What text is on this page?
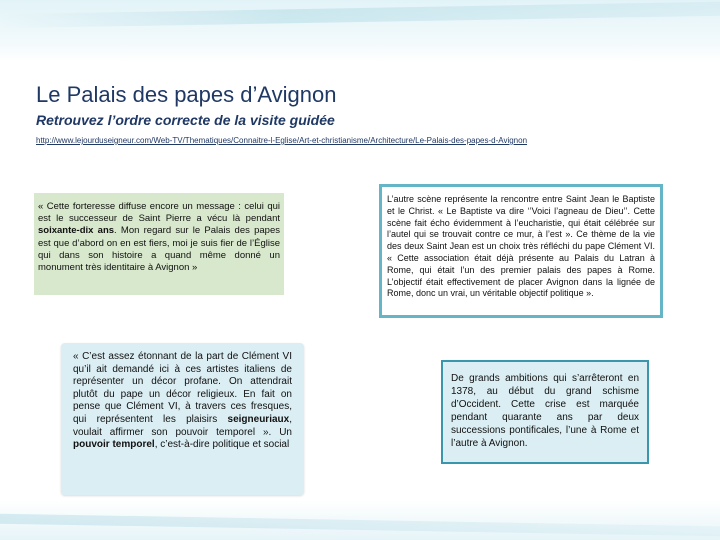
Le Palais des papes d’Avignon
Retrouvez l’ordre correcte de la visite guidée
http://www.lejourduseigneur.com/Web-TV/Thematiques/Connaitre-l-Eglise/Art-et-christianisme/Architecture/Le-Palais-des-papes-d-Avignon
« Cette forteresse diffuse encore un message : celui qui est le successeur de Saint Pierre a vécu là pendant soixante-dix ans. Mon regard sur le Palais des papes est que d’abord on en est fiers, moi je suis fier de l’Église qui dans son histoire a quand même donné un monument très identitaire à Avignon »
L’autre scène représente la rencontre entre Saint Jean le Baptiste et le Christ. « Le Baptiste va dire ‘’Voici l’agneau de Dieu’’. Cette scène fait écho évidemment à l’eucharistie, qui était célébrée sur l’autel qui se trouvait contre ce mur, à l’est ». Ce thème de la vie des deux Saint Jean est un choix très réfléchi du pape Clément VI. « Cette association était déjà présente au Palais du Latran à Rome, qui était l’un des premier palais des papes à Rome. L’objectif était effectivement de placer Avignon dans la lignée de Rome, donc un vrai, un véritable objectif politique ».
« C’est assez étonnant de la part de Clément VI qu’il ait demandé ici à ces artistes italiens de représenter un décor profane. On attendrait plutôt du pape un décor religieux. En fait on pense que Clément VI, à travers ces fresques, qui représentent les plaisirs seigneuriaux, voulait affirmer son pouvoir temporel ». Un pouvoir temporel, c’est-à-dire politique et social
De grands ambitions qui s’arrêteront en 1378, au début du grand schisme d’Occident. Cette crise est marquée pendant quarante ans par deux successions pontificales, l’une à Rome et l’autre à Avignon.
